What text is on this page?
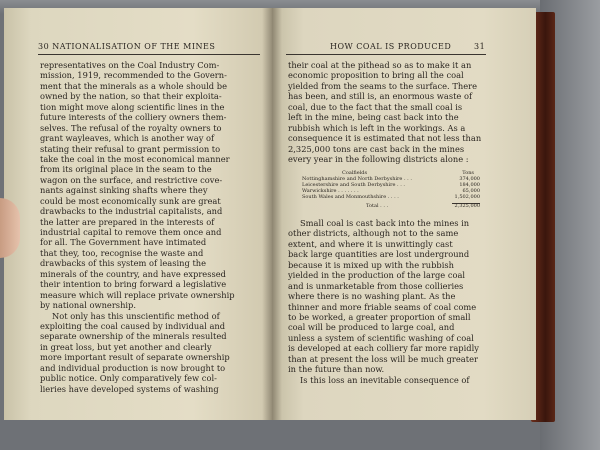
30 NATIONALISATION OF THE MINES
representatives on the Coal Industry Com-
mission, 1919, recommended to the Govern-
ment that the minerals as a whole should be
owned by the nation, so that their exploita-
tion might move along scientific lines in the
future interests of the colliery owners them-
selves. The refusal of the royalty owners to
grant wayleaves, which is another way of
stating their refusal to grant permission to
take the coal in the most economical manner
from its original place in the seam to the
wagon on the surface, and restrictive cove-
nants against sinking shafts where they
could be most economically sunk are great
drawbacks to the industrial capitalists, and
the latter are prepared in the interests of
industrial capital to remove them once and
for all. The Government have intimated
that they, too, recognise the waste and
drawbacks of this system of leasing the
minerals of the country, and have expressed
their intention to bring forward a legislative
measure which will replace private ownership
by national ownership.
Not only has this unscientific method of
exploiting the coal caused by individual and
separate ownership of the minerals resulted
in great loss, but yet another and clearly
more important result of separate ownership
and individual production is now brought to
public notice. Only comparatively few col-
lieries have developed systems of washing
HOW COAL IS PRODUCED	31
their coal at the pithead so as to make it an
economic proposition to bring all the coal
yielded from the seams to the surface. There
has been, and still is, an enormous waste of
coal, due to the fact that the small coal is
left in the mine, being cast back into the
rubbish which is left in the workings. As a
consequence it is estimated that not less than
2,325,000 tons are cast back in the mines
every year in the following districts alone :
Coalfields	Tons
Nottinghamshire and North Derbyshire . . .	374,000
Leicestershire and South Derbyshire . . .	184,000
Warwickshire . . . . . . .	65,000
South Wales and Monmouthshire . . . .	1,502,000
Total . . .	2,325,000
Small coal is cast back into the mines in
other districts, although not to the same
extent, and where it is unwittingly cast
back large quantities are lost underground
because it is mixed up with the rubbish
yielded in the production of the large coal
and is unmarketable from those collieries
where there is no washing plant. As the
thinner and more friable seams of coal come
to be worked, a greater proportion of small
coal will be produced to large coal, and
unless a system of scientific washing of coal
is developed at each colliery far more rapidly
than at present the loss will be much greater
in the future than now.
Is this loss an inevitable consequence of
